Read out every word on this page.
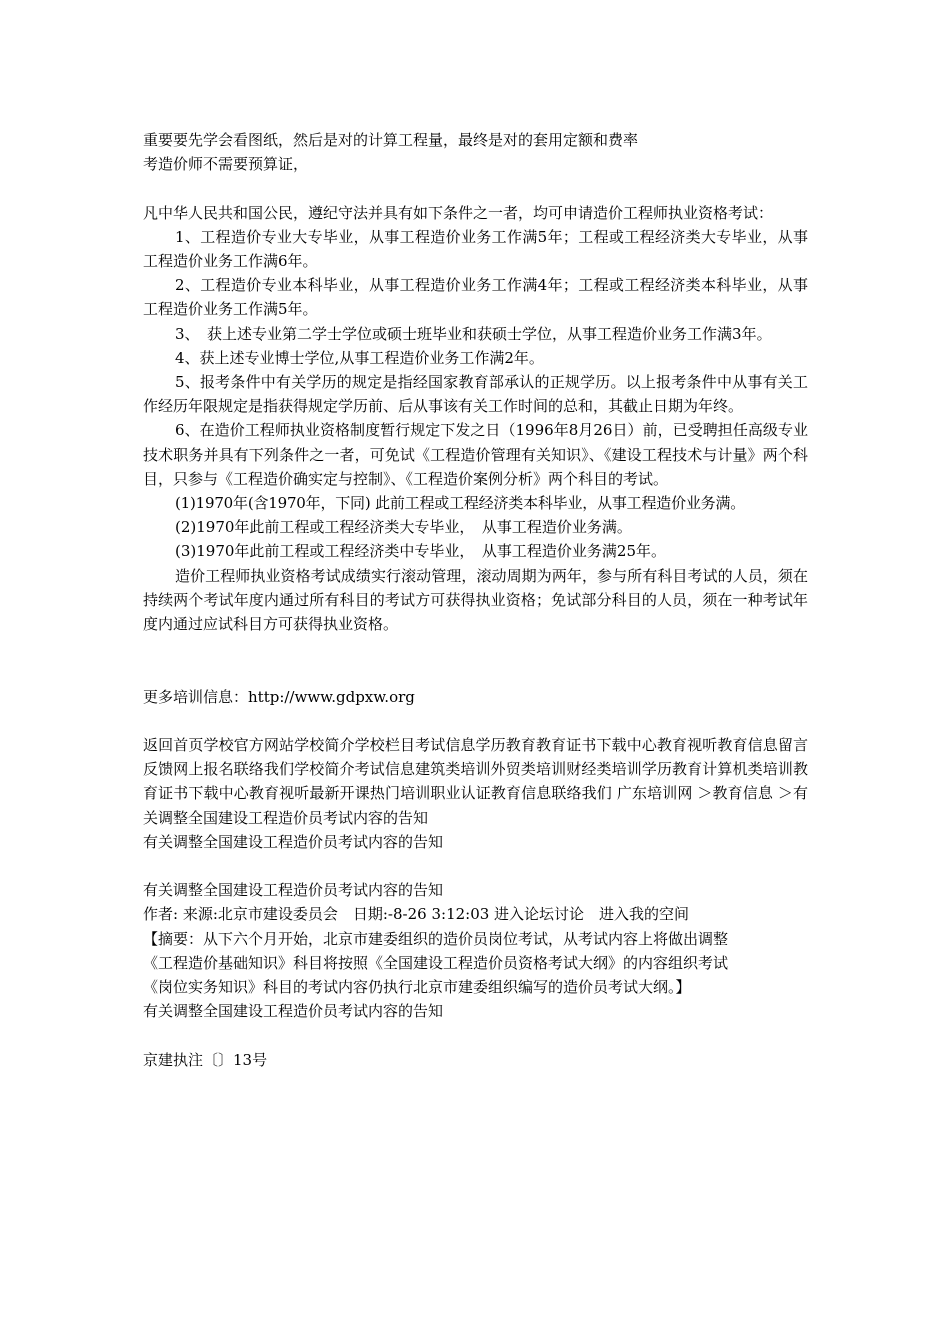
重要要先学会看图纸，然后是对的计算工程量，最终是对的套用定额和费率

考造价师不需要预算证，

凡中华人民共和国公民，遵纪守法并具有如下条件之一者，均可申请造价工程师执业资格考试：

1、工程造价专业大专毕业，从事工程造价业务工作满5年；工程或工程经济类大专毕业，从事工程造价业务工作满6年。

2、工程造价专业本科毕业，从事工程造价业务工作满4年；工程或工程经济类本科毕业，从事工程造价业务工作满5年。

3、　获上述专业第二学士学位或硕士班毕业和获硕士学位，从事工程造价业务工作满3年。

4、获上述专业博士学位,从事工程造价业务工作满2年。

5、报考条件中有关学历的规定是指经国家教育部承认的正规学历。以上报考条件中从事有关工作经历年限规定是指获得规定学历前、后从事该有关工作时间的总和，其截止日期为年终。

6、在造价工程师执业资格制度暂行规定下发之日（1996年8月26日）前，已受聘担任高级专业技术职务并具有下列条件之一者，可免试《工程造价管理有关知识》、《建设工程技术与计量》两个科目，只参与《工程造价确实定与控制》、《工程造价案例分析》两个科目的考试。

(1)1970年(含1970年，下同) 此前工程或工程经济类本科毕业，从事工程造价业务满。

(2)1970年此前工程或工程经济类大专毕业，　从事工程造价业务满。

(3)1970年此前工程或工程经济类中专毕业，　从事工程造价业务满25年。

造价工程师执业资格考试成绩实行滚动管理，滚动周期为两年，参与所有科目考试的人员，须在持续两个考试年度内通过所有科目的考试方可获得执业资格；免试部分科目的人员，须在一种考试年度内通过应试科目方可获得执业资格。

更多培训信息：http://www.gdpxw.org

返回首页学校官方网站学校简介学校栏目考试信息学历教育教育证书下载中心教育视听教育信息留言反馈网上报名联络我们学校简介考试信息建筑类培训外贸类培训财经类培训学历教育计算机类培训教育证书下载中心教育视听最新开课热门培训职业认证教育信息联络我们 广东培训网 ＞教育信息 ＞有关调整全国建设工程造价员考试内容的告知

有关调整全国建设工程造价员考试内容的告知

有关调整全国建设工程造价员考试内容的告知

作者: 来源:北京市建设委员会　日期:-8-26 3:12:03 进入论坛讨论　进入我的空间

【摘要：从下六个月开始，北京市建委组织的造价员岗位考试，从考试内容上将做出调整

《工程造价基础知识》科目将按照《全国建设工程造价员资格考试大纲》的内容组织考试

《岗位实务知识》科目的考试内容仍执行北京市建委组织编写的造价员考试大纲。】

有关调整全国建设工程造价员考试内容的告知

京建执注〔〕13号
